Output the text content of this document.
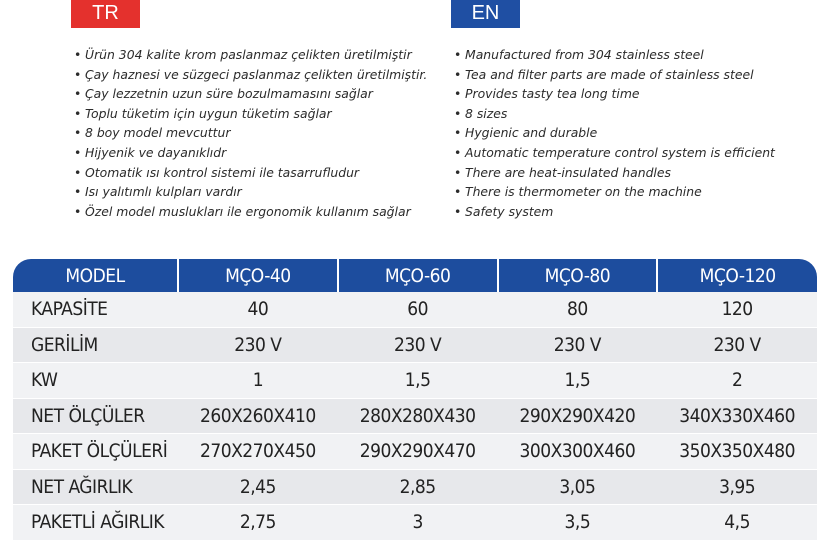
TR	EN
• Ürün 304 kalite krom paslanmaz çelikten üretilmiştir
• Çay haznesi ve süzgeci paslanmaz çelikten üretilmiştir.
• Çay lezzetnin uzun süre bozulmamasını sağlar
• Toplu tüketim için uygun tüketim sağlar
• 8 boy model mevcuttur
• Hijyenik ve dayanıklıdr
• Otomatik ısı kontrol sistemi ile tasarrufludur
• Isı yalıtımlı kulpları vardır
• Özel model muslukları ile ergonomik kullanım sağlar
• Manufactured from 304 stainless steel
• Tea and filter parts are made of stainless steel
• Provides tasty tea long time
• 8 sizes
• Hygienic and durable
• Automatic temperature control system is efficient
• There are heat-insulated handles
• There is thermometer on the machine
• Safety system
MODEL	MÇO-40	MÇO-60	MÇO-80	MÇO-120
KAPASİTE	40	60	80	120
GERİLİM	230 V	230 V	230 V	230 V
KW	1	1,5	1,5	2
NET ÖLÇÜLER	260X260X410	280X280X430	290X290X420	340X330X460
PAKET ÖLÇÜLERİ	270X270X450	290X290X470	300X300X460	350X350X480
NET AĞIRLIK	2,45	2,85	3,05	3,95
PAKETLİ AĞIRLIK	2,75	3	3,5	4,5
